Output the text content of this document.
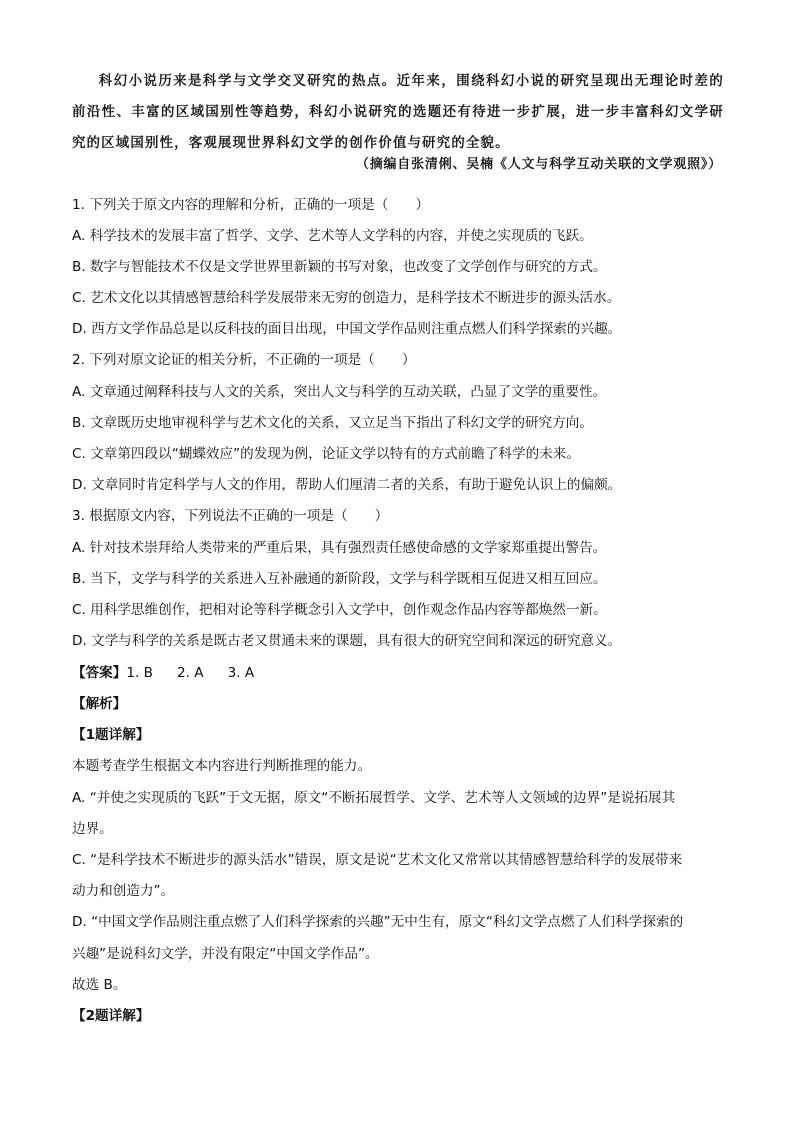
科幻小说历来是科学与文学交叉研究的热点。近年来，围绕科幻小说的研究呈现出无理论时差的前沿性、丰富的区域国别性等趋势，科幻小说研究的选题还有待进一步扩展，进一步丰富科幻文学研究的区域国别性，客观展现世界科幻文学的创作价值与研究的全貌。

（摘编自张清俐、吴楠《人文与科学互动关联的文学观照》）
1. 下列关于原文内容的理解和分析，正确的一项是（　　）
A. 科学技术的发展丰富了哲学、文学、艺术等人文学科的内容，并使之实现质的飞跃。
B. 数字与智能技术不仅是文学世界里新颖的书写对象，也改变了文学创作与研究的方式。
C. 艺术文化以其情感智慧给科学发展带来无穷的创造力，是科学技术不断进步的源头活水。
D. 西方文学作品总是以反科技的面目出现，中国文学作品则注重点燃人们科学探索的兴趣。
2. 下列对原文论证的相关分析，不正确的一项是（　　）
A. 文章通过阐释科技与人文的关系，突出人文与科学的互动关联，凸显了文学的重要性。
B. 文章既历史地审视科学与艺术文化的关系，又立足当下指出了科幻文学的研究方向。
C. 文章第四段以“蝴蝶效应”的发现为例，论证文学以特有的方式前瞻了科学的未来。
D. 文章同时肯定科学与人文的作用，帮助人们厘清二者的关系，有助于避免认识上的偏颇。
3. 根据原文内容，下列说法不正确的一项是（　　）
A. 针对技术崇拜给人类带来的严重后果，具有强烈责任感使命感的文学家郑重提出警告。
B. 当下，文学与科学的关系进入互补融通的新阶段，文学与科学既相互促进又相互回应。
C. 用科学思维创作，把相对论等科学概念引入文学中，创作观念作品内容等都焕然一新。
D. 文学与科学的关系是既古老又贯通未来的课题，具有很大的研究空间和深远的研究意义。
【答案】1. B 2. A 3. A
【解析】
【1题详解】
本题考查学生根据文本内容进行判断推理的能力。
A. “并使之实现质的飞跃”于文无据，原文“不断拓展哲学、文学、艺术等人文领域的边界”是说拓展其
边界。
C. “是科学技术不断进步的源头活水”错误，原文是说“艺术文化又常常以其情感智慧给科学的发展带来
动力和创造力”。
D. “中国文学作品则注重点燃了人们科学探索的兴趣”无中生有，原文“科幻文学点燃了人们科学探索的
兴趣”是说科幻文学，并没有限定“中国文学作品”。
故选 B。
【2题详解】
